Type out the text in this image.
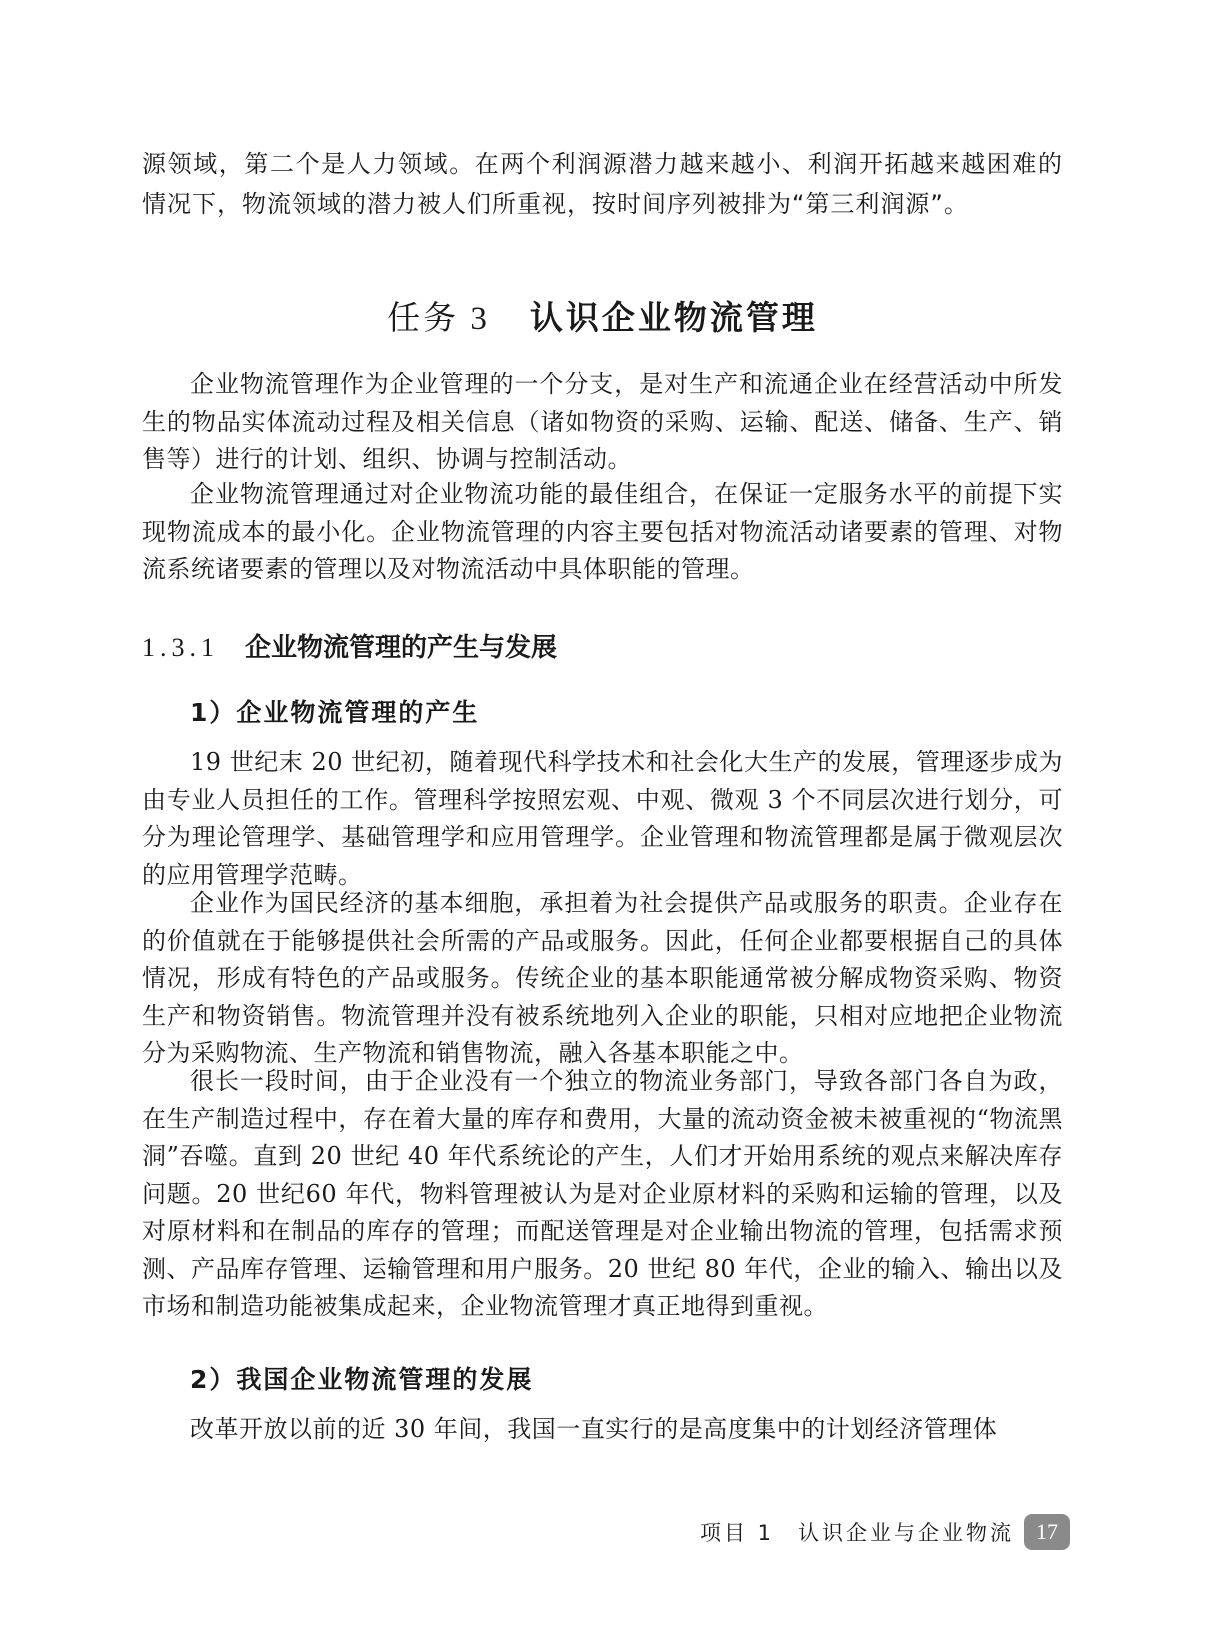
源领域，第二个是人力领域。在两个利润源潜力越来越小、利润开拓越来越困难的情况下，物流领域的潜力被人们所重视，按时间序列被排为“第三利润源”。

任务 3 认识企业物流管理

企业物流管理作为企业管理的一个分支，是对生产和流通企业在经营活动中所发生的物品实体流动过程及相关信息（诸如物资的采购、运输、配送、储备、生产、销售等）进行的计划、组织、协调与控制活动。

企业物流管理通过对企业物流功能的最佳组合，在保证一定服务水平的前提下实现物流成本的最小化。企业物流管理的内容主要包括对物流活动诸要素的管理、对物流系统诸要素的管理以及对物流活动中具体职能的管理。

1.3.1 企业物流管理的产生与发展
1）企业物流管理的产生

19 世纪末 20 世纪初，随着现代科学技术和社会化大生产的发展，管理逐步成为由专业人员担任的工作。管理科学按照宏观、中观、微观 3 个不同层次进行划分，可分为理论管理学、基础管理学和应用管理学。企业管理和物流管理都是属于微观层次的应用管理学范畴。

企业作为国民经济的基本细胞，承担着为社会提供产品或服务的职责。企业存在的价值就在于能够提供社会所需的产品或服务。因此，任何企业都要根据自己的具体情况，形成有特色的产品或服务。传统企业的基本职能通常被分解成物资采购、物资生产和物资销售。物流管理并没有被系统地列入企业的职能，只相对应地把企业物流分为采购物流、生产物流和销售物流，融入各基本职能之中。

很长一段时间，由于企业没有一个独立的物流业务部门，导致各部门各自为政，在生产制造过程中，存在着大量的库存和费用，大量的流动资金被未被重视的“物流黑洞”吞噬。直到 20 世纪 40 年代系统论的产生，人们才开始用系统的观点来解决库存问题。20 世纪60 年代，物料管理被认为是对企业原材料的采购和运输的管理，以及对原材料和在制品的库存的管理；而配送管理是对企业输出物流的管理，包括需求预测、产品库存管理、运输管理和用户服务。20 世纪 80 年代，企业的输入、输出以及市场和制造功能被集成起来，企业物流管理才真正地得到重视。

2）我国企业物流管理的发展

改革开放以前的近 30 年间，我国一直实行的是高度集中的计划经济管理体

项目 1 认识企业与企业物流	17
